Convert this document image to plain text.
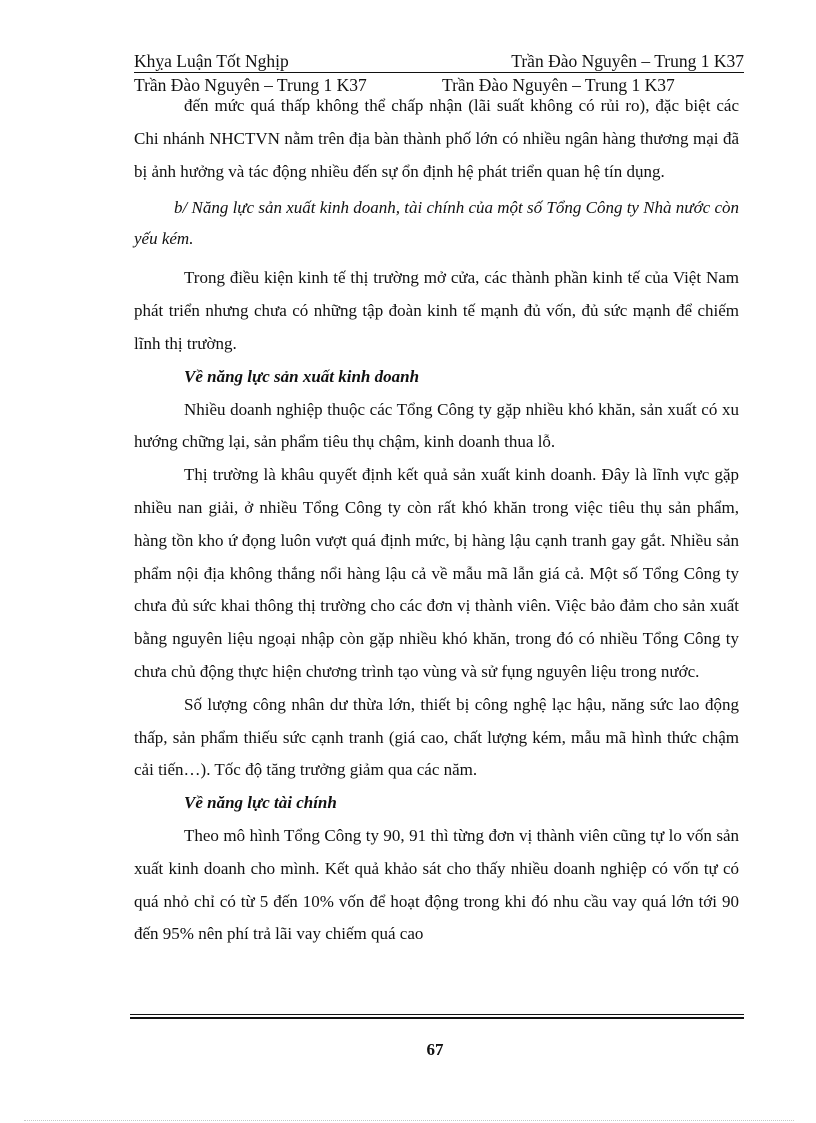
Khỵa Luận Tốt Nghịp	Trần Đào Nguyên – Trung 1 K37
Trần Đào Nguyên – Trung 1 K37	Trần Đào Nguyên – Trung 1 K37

đến mức quá thấp không thể chấp nhận (lãi suất không có rủi ro), đặc biệt các Chi nhánh NHCTVN nằm trên địa bàn thành phố lớn có nhiều ngân hàng thương mại đã bị ảnh hưởng và tác động nhiều đến sự ổn định hệ phát triển quan hệ tín dụng.

b/ Năng lực sản xuất kinh doanh, tài chính của một số Tổng Công ty Nhà nước còn yếu kém.

Trong điều kiện kinh tế thị trường mở cửa, các thành phần kinh tế của Việt Nam phát triển nhưng chưa có những tập đoàn kinh tế mạnh đủ vốn, đủ sức mạnh để chiếm lĩnh thị trường.

Về năng lực sản xuất kinh doanh

Nhiều doanh nghiệp thuộc các Tổng Công ty gặp nhiều khó khăn, sản xuất có xu hướng chững lại, sản phẩm tiêu thụ chậm, kinh doanh thua lỗ.

Thị trường là khâu quyết định kết quả sản xuất kinh doanh. Đây là lĩnh vực gặp nhiều nan giải, ở nhiều Tổng Công ty còn rất khó khăn trong việc tiêu thụ sản phẩm, hàng tồn kho ứ đọng luôn vượt quá định mức, bị hàng lậu cạnh tranh gay gắt. Nhiều sản phẩm nội địa không thắng nổi hàng lậu cả về mẫu mã lẫn giá cả. Một số Tổng Công ty chưa đủ sức khai thông thị trường cho các đơn vị thành viên. Việc bảo đảm cho sản xuất bằng nguyên liệu ngoại nhập còn gặp nhiều khó khăn, trong đó có nhiều Tổng Công ty chưa chủ động thực hiện chương trình tạo vùng và sử fụng nguyên liệu trong nước.

Số lượng công nhân dư thừa lớn, thiết bị công nghệ lạc hậu, năng sức lao động thấp, sản phẩm thiếu sức cạnh tranh (giá cao, chất lượng kém, mẫu mã hình thức chậm cải tiến…). Tốc độ tăng trưởng giảm qua các năm.

Về năng lực tài chính

Theo mô hình Tổng Công ty 90, 91 thì từng đơn vị thành viên cũng tự lo vốn sản xuất kinh doanh cho mình. Kết quả khảo sát cho thấy nhiều doanh nghiệp có vốn tự có quá nhỏ chỉ có từ 5 đến 10% vốn để hoạt động trong khi đó nhu cầu vay quá lớn tới 90 đến 95% nên phí trả lãi vay chiếm quá cao

67
